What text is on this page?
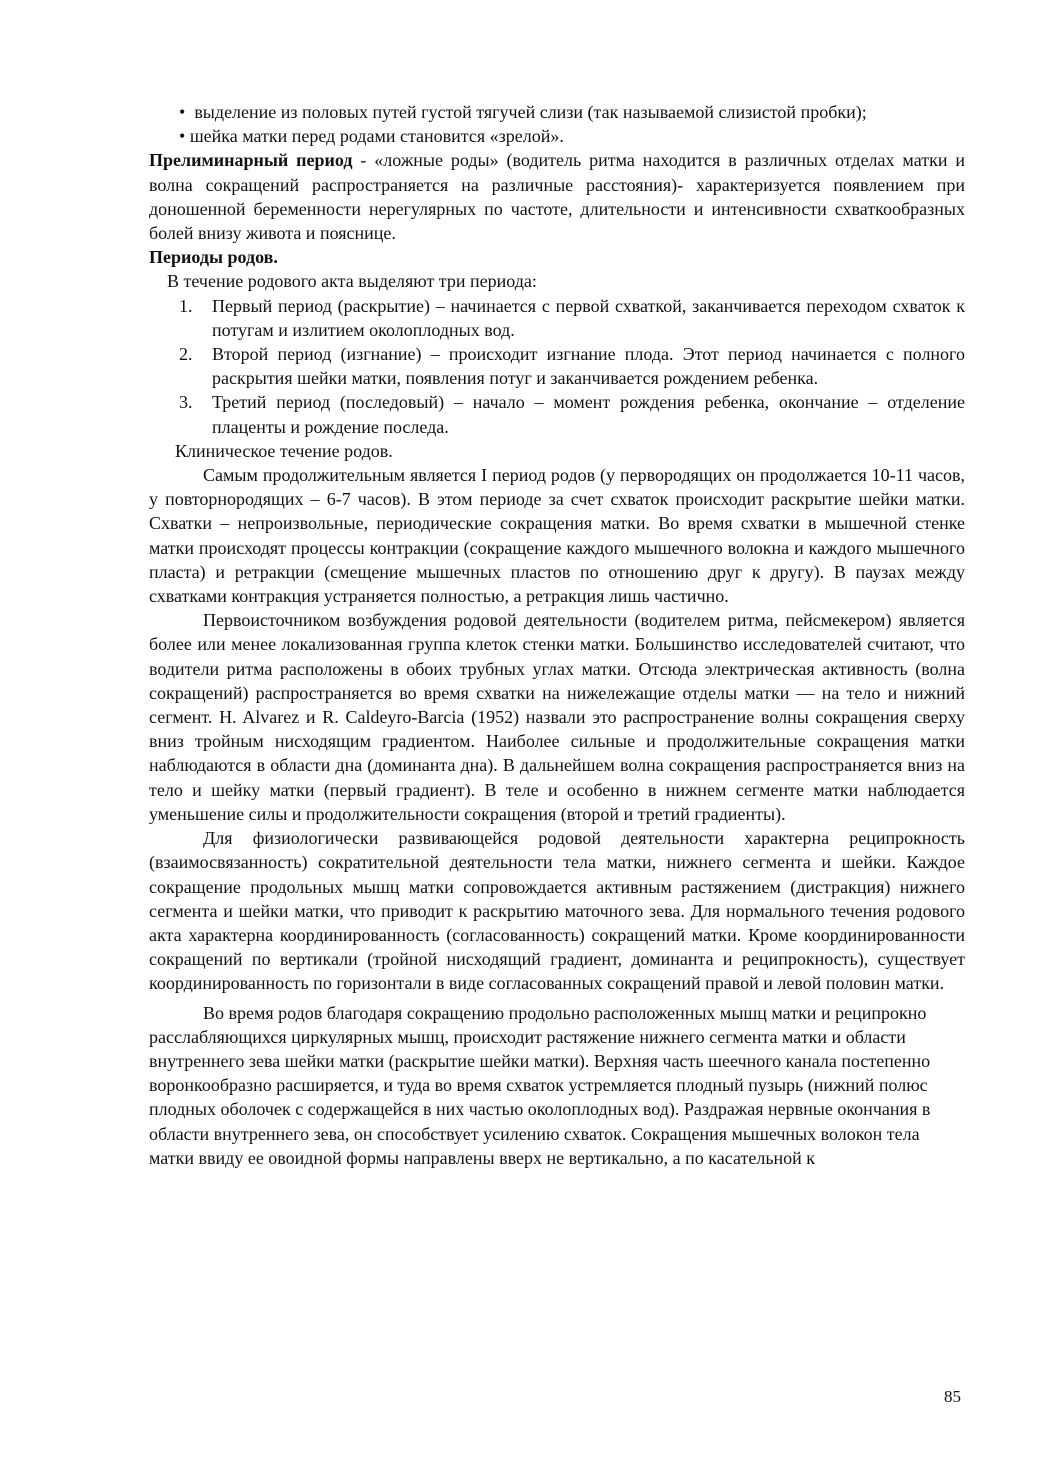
• выделение из половых путей густой тягучей слизи (так называемой слизистой пробки);

• шейка матки перед родами становится «зрелой».

Прелиминарный период - «ложные роды» (водитель ритма находится в различных отделах матки и волна сокращений распространяется на различные расстояния)- характеризуется появлением при доношенной беременности нерегулярных по частоте, длительности и интенсивности схваткообразных болей внизу живота и пояснице.

Периоды родов.

В течение родового акта выделяют три периода:

1. Первый период (раскрытие) – начинается с первой схваткой, заканчивается переходом схваток к потугам и излитием околоплодных вод.
2. Второй период (изгнание) – происходит изгнание плода. Этот период начинается с полного раскрытия шейки матки, появления потуг и заканчивается рождением ребенка.
3. Третий период (последовый) – начало – момент рождения ребенка, окончание – отделение плаценты и рождение последа.

Клиническое течение родов.

Самым продолжительным является I период родов (у первородящих он продолжается 10-11 часов, у повторнородящих – 6-7 часов). В этом периоде за счет схваток происходит раскрытие шейки матки. Схватки – непроизвольные, периодические сокращения матки. Во время схватки в мышечной стенке матки происходят процессы контракции (сокращение каждого мышечного волокна и каждого мышечного пласта) и ретракции (смещение мышечных пластов по отношению друг к другу). В паузах между схватками контракция устраняется полностью, а ретракция лишь частично.

Первоисточником возбуждения родовой деятельности (водителем ритма, пейсмекером) является более или менее локализованная группа клеток стенки матки. Большинство исследователей считают, что водители ритма расположены в обоих трубных углах матки. Отсюда электрическая активность (волна сокращений) распространяется во время схватки на нижележащие отделы матки — на тело и нижний сегмент. H. Alvarez и R. Caldeyro-Barcia (1952) назвали это распространение волны сокращения сверху вниз тройным нисходящим градиентом. Наиболее сильные и продолжительные сокращения матки наблюдаются в области дна (доминанта дна). В дальнейшем волна сокращения распространяется вниз на тело и шейку матки (первый градиент). В теле и особенно в нижнем сегменте матки наблюдается уменьшение силы и продолжительности сокращения (второй и третий градиенты).

Для физиологически развивающейся родовой деятельности характерна реципрокность (взаимосвязанность) сократительной деятельности тела матки, нижнего сегмента и шейки. Каждое сокращение продольных мышц матки сопровождается активным растяжением (дистракция) нижнего сегмента и шейки матки, что приводит к раскрытию маточного зева. Для нормального течения родового акта характерна координированность (согласованность) сокращений матки. Кроме координированности сокращений по вертикали (тройной нисходящий градиент, доминанта и реципрокность), существует координированность по горизонтали в виде согласованных сокращений правой и левой половин матки.

Во время родов благодаря сокращению продольно расположенных мышц матки и реципрокно расслабляющихся циркулярных мышц, происходит растяжение нижнего сегмента матки и области внутреннего зева шейки матки (раскрытие шейки матки). Верхняя часть шеечного канала постепенно воронкообразно расширяется, и туда во время схваток устремляется плодный пузырь (нижний полюс плодных оболочек с содержащейся в них частью околоплодных вод). Раздражая нервные окончания в области внутреннего зева, он способствует усилению схваток. Сокращения мышечных волокон тела матки ввиду ее овоидной формы направлены вверх не вертикально, а по касательной к

85
